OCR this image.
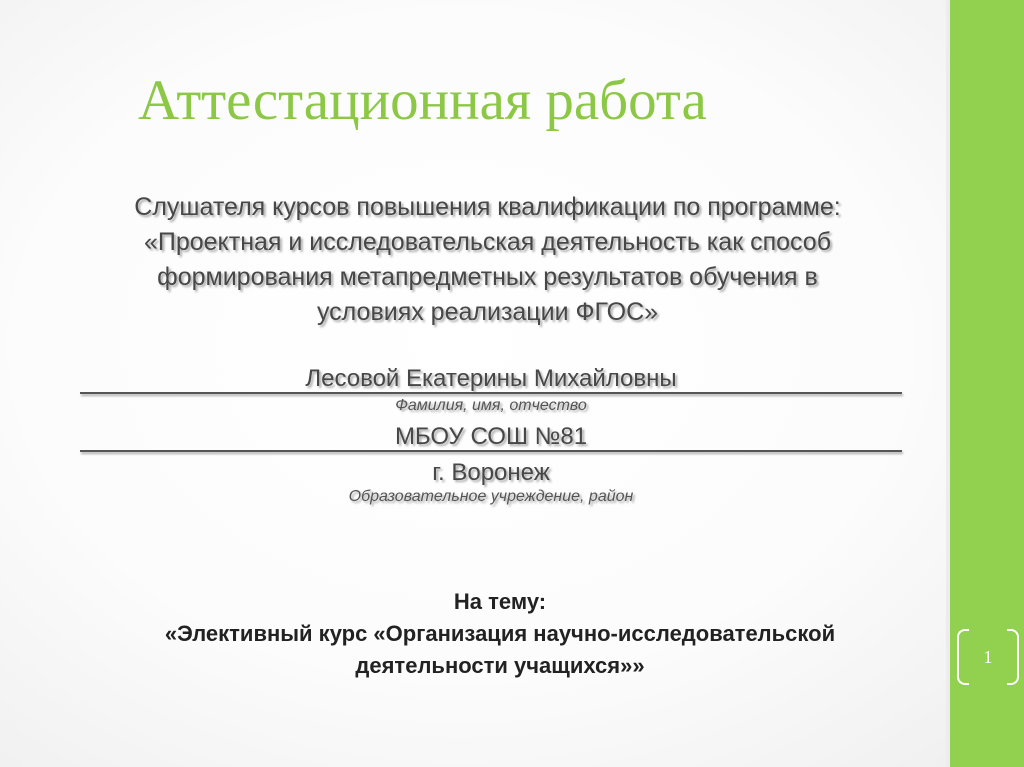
Аттестационная работа
Слушателя курсов повышения квалификации по программе:
«Проектная и исследовательская деятельность как способ
формирования метапредметных результатов обучения в
условиях реализации ФГОС»
Лесовой Екатерины Михайловны
Фамилия, имя, отчество
МБОУ СОШ №81
г. Воронеж
Образовательное учреждение, район
На тему:
«Элективный курс «Организация научно-исследовательской
деятельности учащихся»»	1
